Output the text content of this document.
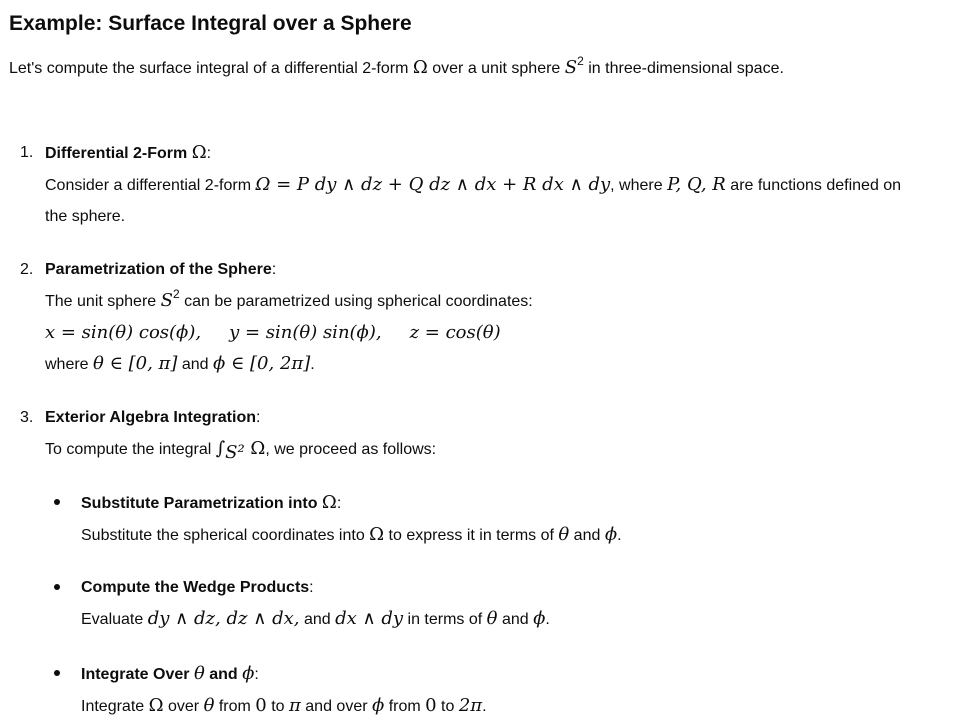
Example: Surface Integral over a Sphere
Let's compute the surface integral of a differential 2-form Ω over a unit sphere $S^2$ in three-dimensional space.
1. Differential 2-Form Ω:
Consider a differential 2-form Ω = P dy ∧ dz + Q dz ∧ dx + R dx ∧ dy, where P, Q, R are functions defined on the sphere.
2. Parametrization of the Sphere:
The unit sphere $S^2$ can be parametrized using spherical coordinates:
x = sin(θ) cos(ϕ), y = sin(θ) sin(ϕ), z = cos(θ)
where θ ∈ [0, π] and ϕ ∈ [0, 2π].
3. Exterior Algebra Integration:
To compute the integral $\int_{S^2}$ Ω, we proceed as follows:
Substitute Parametrization into Ω:
Substitute the spherical coordinates into Ω to express it in terms of θ and ϕ.
Compute the Wedge Products:
Evaluate dy ∧ dz, dz ∧ dx, and dx ∧ dy in terms of θ and ϕ.
Integrate Over θ and ϕ:
Integrate Ω over θ from 0 to π and over ϕ from 0 to 2π.
